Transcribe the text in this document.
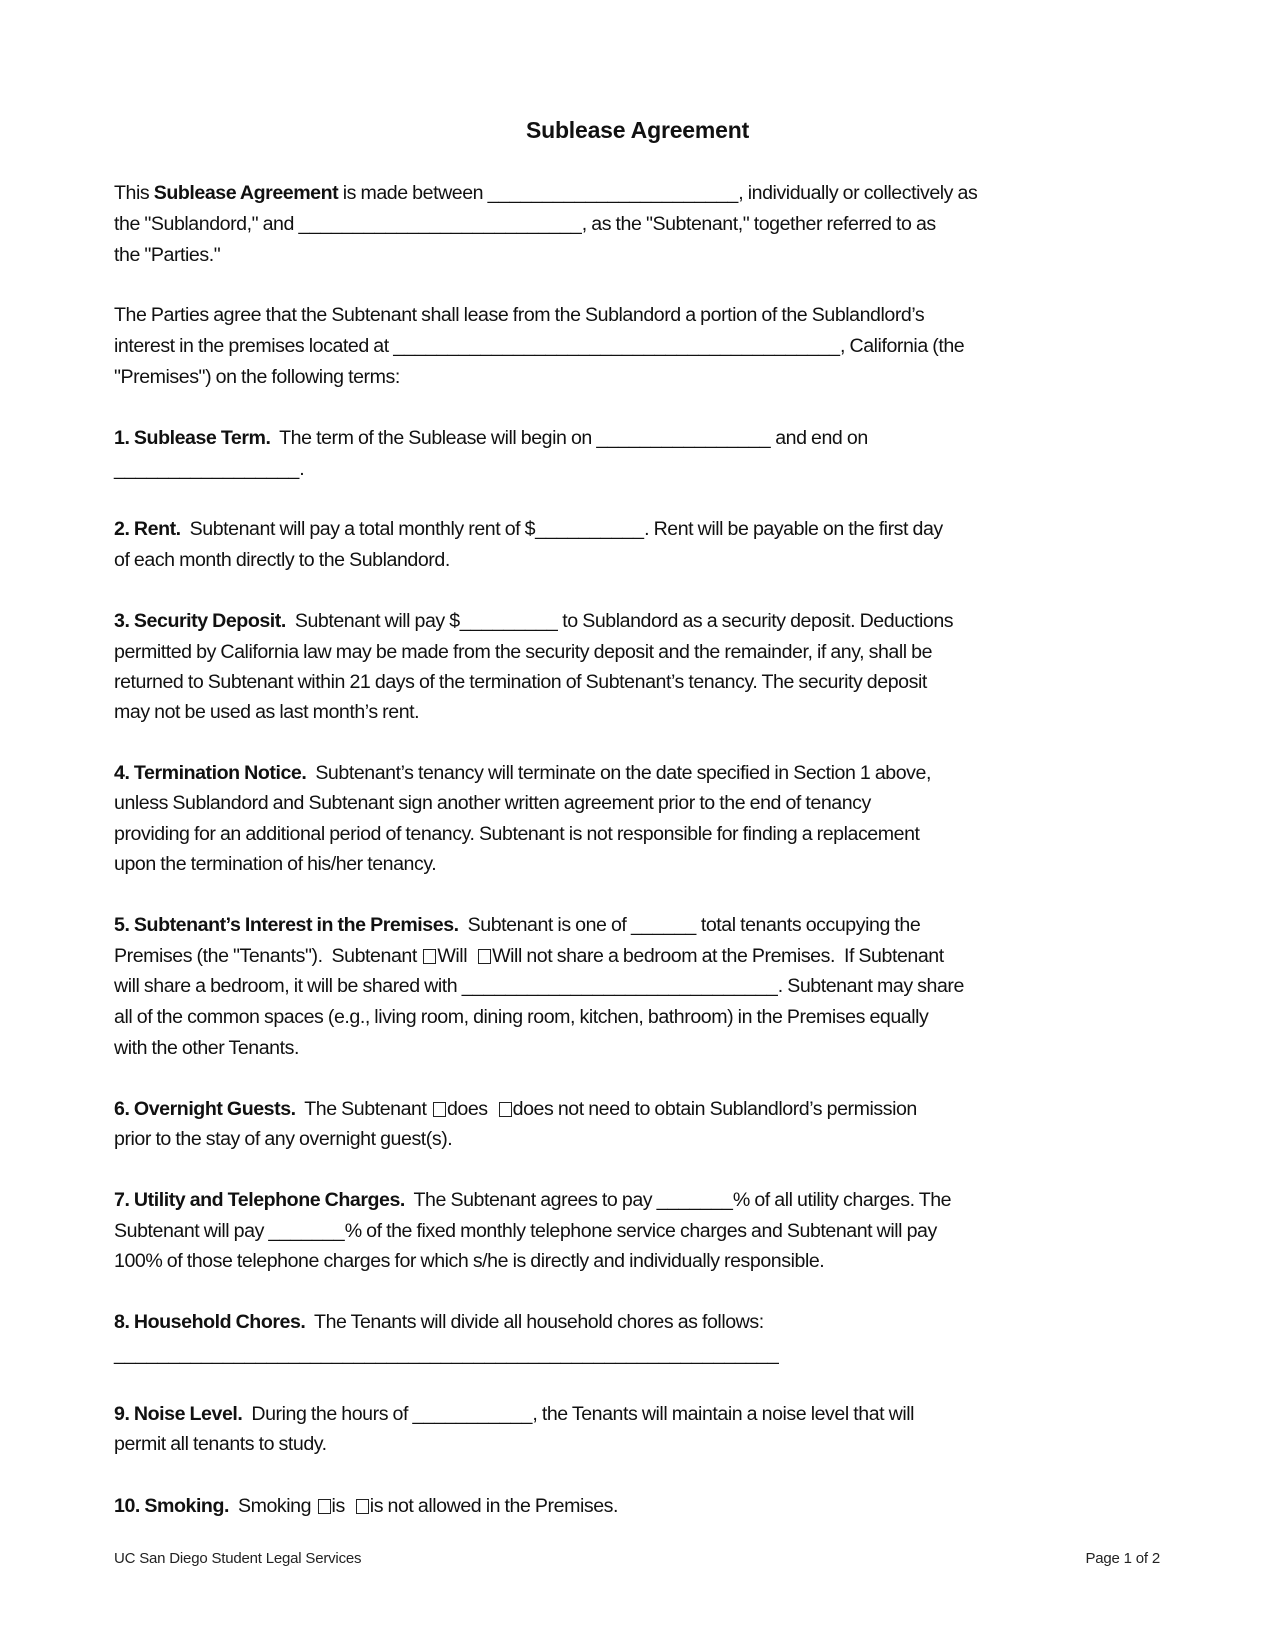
Sublease Agreement
This Sublease Agreement is made between _______________________, individually or collectively as
the "Sublandord," and __________________________, as the "Subtenant," together referred to as
the "Parties."
The Parties agree that the Subtenant shall lease from the Sublandord a portion of the Sublandlord’s
interest in the premises located at _________________________________________, California (the
"Premises") on the following terms:
1. Sublease Term.  The term of the Sublease will begin on ________________ and end on
_________________.
2. Rent.  Subtenant will pay a total monthly rent of $__________. Rent will be payable on the first day
of each month directly to the Sublandord.
3. Security Deposit.  Subtenant will pay $_________ to Sublandord as a security deposit. Deductions
permitted by California law may be made from the security deposit and the remainder, if any, shall be
returned to Subtenant within 21 days of the termination of Subtenant’s tenancy. The security deposit
may not be used as last month’s rent.
4. Termination Notice.  Subtenant’s tenancy will terminate on the date specified in Section 1 above,
unless Sublandord and Subtenant sign another written agreement prior to the end of tenancy
providing for an additional period of tenancy. Subtenant is not responsible for finding a replacement
upon the termination of his/her tenancy.
5. Subtenant’s Interest in the Premises.  Subtenant is one of ______ total tenants occupying the
Premises (the "Tenants").  Subtenant Will  Will not share a bedroom at the Premises.  If Subtenant
will share a bedroom, it will be shared with _____________________________. Subtenant may share
all of the common spaces (e.g., living room, dining room, kitchen, bathroom) in the Premises equally
with the other Tenants.
6. Overnight Guests.  The Subtenant does  does not need to obtain Sublandlord’s permission
prior to the stay of any overnight guest(s).
7. Utility and Telephone Charges.  The Subtenant agrees to pay _______% of all utility charges. The
Subtenant will pay _______% of the fixed monthly telephone service charges and Subtenant will pay
100% of those telephone charges for which s/he is directly and individually responsible.
8. Household Chores.  The Tenants will divide all household chores as follows:
_____________________________________________________________
9. Noise Level.  During the hours of ___________, the Tenants will maintain a noise level that will
permit all tenants to study.
10. Smoking.  Smoking is  is not allowed in the Premises.
UC San Diego Student Legal Services	Page 1 of 2
